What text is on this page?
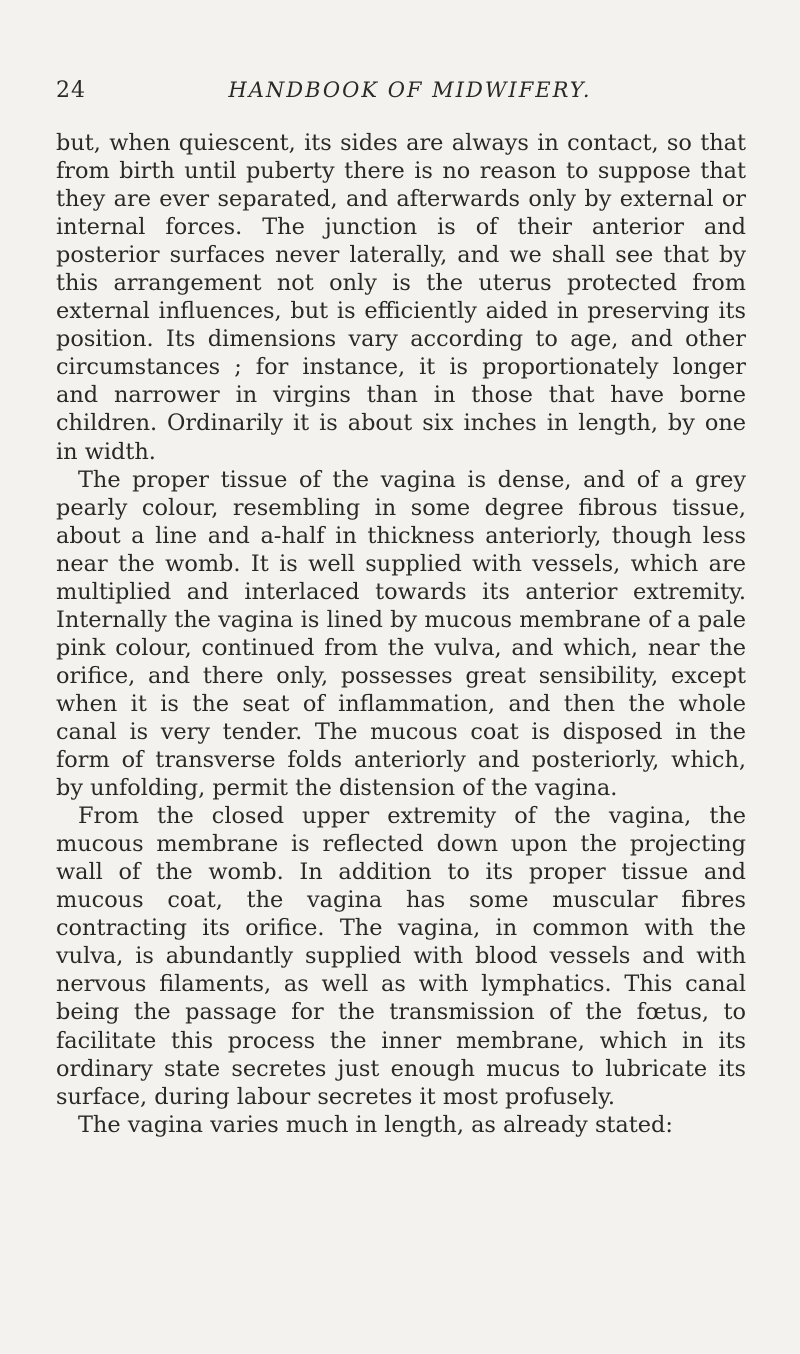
24	HANDBOOK OF MIDWIFERY.

but, when quiescent, its sides are always in contact, so that from birth until puberty there is no reason to suppose that they are ever separated, and afterwards only by external or internal forces. The junction is of their anterior and posterior surfaces never laterally, and we shall see that by this arrangement not only is the uterus protected from external influences, but is efficiently aided in preserving its position. Its dimensions vary according to age, and other circumstances ; for instance, it is proportionately longer and narrower in virgins than in those that have borne children. Ordinarily it is about six inches in length, by one in width.

The proper tissue of the vagina is dense, and of a grey pearly colour, resembling in some degree fibrous tissue, about a line and a-half in thickness anteriorly, though less near the womb. It is well supplied with vessels, which are multiplied and interlaced towards its anterior extremity. Internally the vagina is lined by mucous membrane of a pale pink colour, continued from the vulva, and which, near the orifice, and there only, possesses great sensibility, except when it is the seat of inflammation, and then the whole canal is very tender. The mucous coat is disposed in the form of transverse folds anteriorly and posteriorly, which, by unfolding, permit the distension of the vagina.

From the closed upper extremity of the vagina, the mucous membrane is reflected down upon the projecting wall of the womb. In addition to its proper tissue and mucous coat, the vagina has some muscular fibres contracting its orifice. The vagina, in common with the vulva, is abundantly supplied with blood vessels and with nervous filaments, as well as with lymphatics. This canal being the passage for the transmission of the fœtus, to facilitate this process the inner membrane, which in its ordinary state secretes just enough mucus to lubricate its surface, during labour secretes it most profusely.

The vagina varies much in length, as already stated:
